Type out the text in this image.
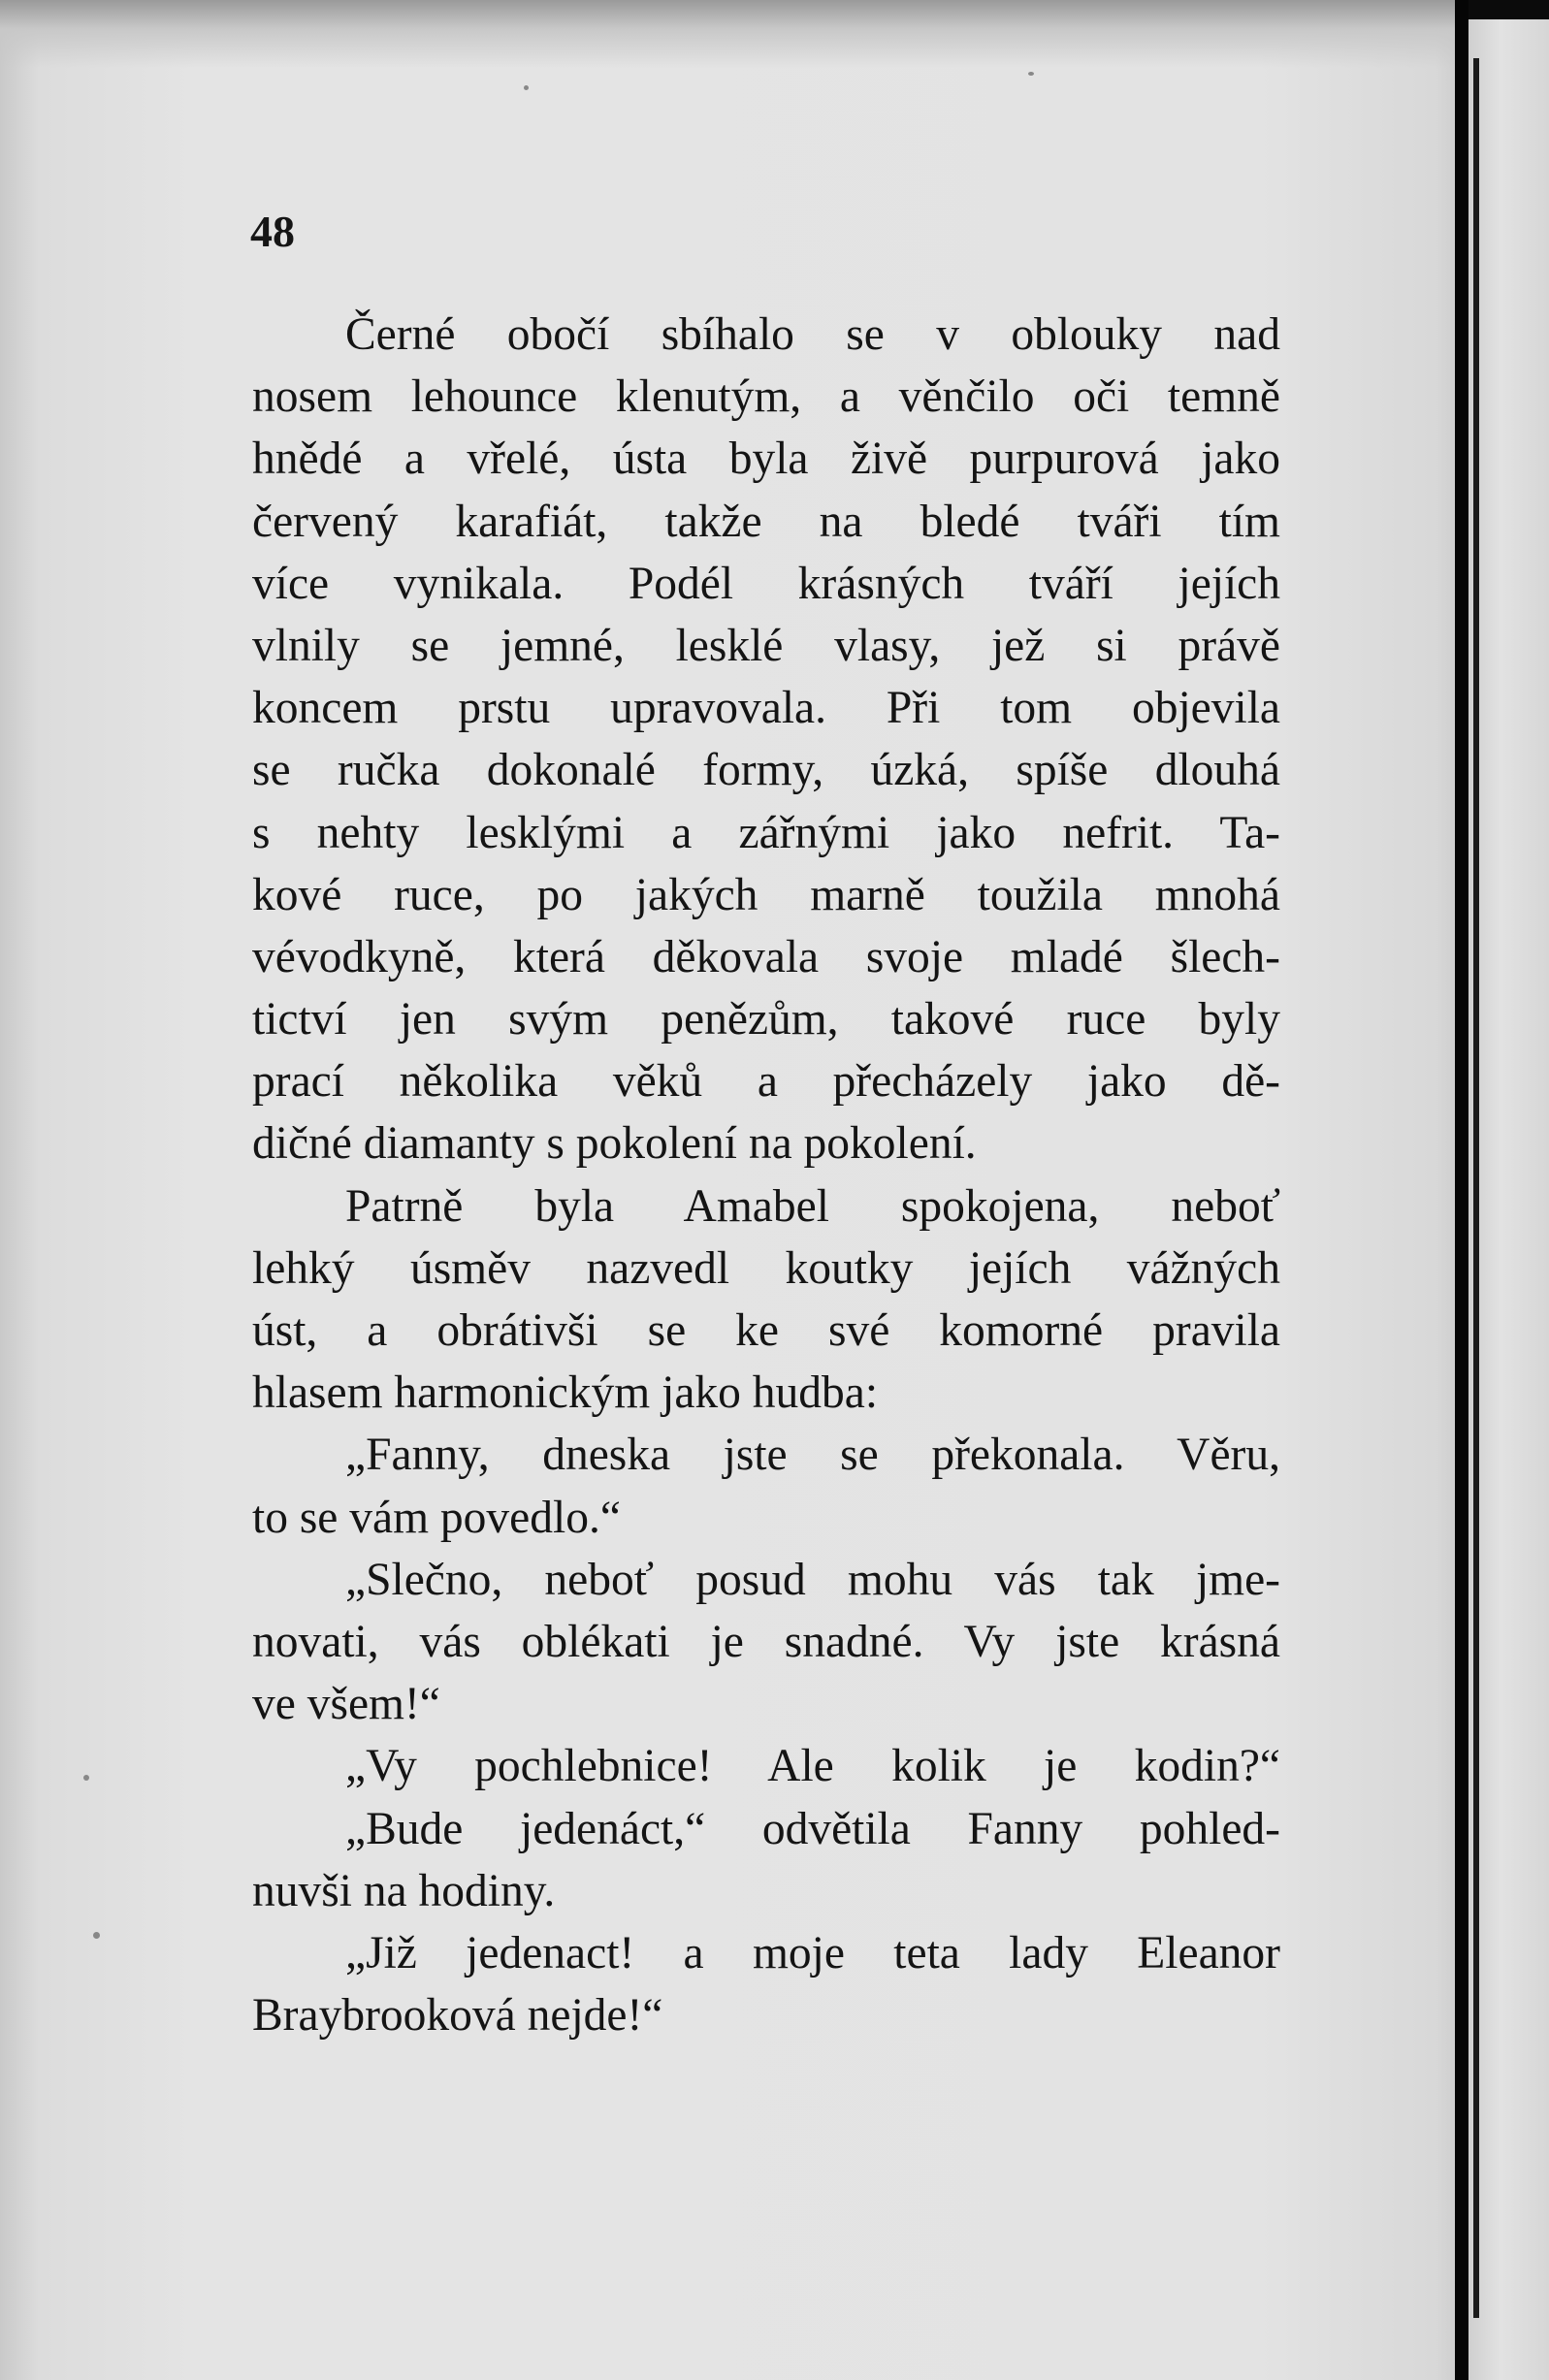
48
Černé obočí sbíhalo se v oblouky nad
nosem lehounce klenutým, a věnčilo oči temně
hnědé a vřelé, ústa byla živě purpurová jako
červený karafiát, takže na bledé tváři tím
více vynikala. Podél krásných tváří jejích
vlnily se jemné, lesklé vlasy, jež si právě
koncem prstu upravovala. Při tom objevila
se ručka dokonalé formy, úzká, spíše dlouhá
s nehty lesklými a zářnými jako nefrit. Ta-
kové ruce, po jakých marně toužila mnohá
vévodkyně, která děkovala svoje mladé šlech-
tictví jen svým penězům, takové ruce byly
prací několika věků a přecházely jako dě-
dičné diamanty s pokolení na pokolení.
Patrně byla Amabel spokojena, neboť
lehký úsměv nazvedl koutky jejích vážných
úst, a obrátivši se ke své komorné pravila
hlasem harmonickým jako hudba:
„Fanny, dneska jste se překonala. Věru,
to se vám povedlo.“
„Slečno, neboť posud mohu vás tak jme-
novati, vás oblékati je snadné. Vy jste krásná
ve všem!“
„Vy pochlebnice! Ale kolik je kodin?“
„Bude jedenáct,“ odvětila Fanny pohled-
nuvši na hodiny.
„Již jedenact! a moje teta lady Eleanor
Braybrooková nejde!“
